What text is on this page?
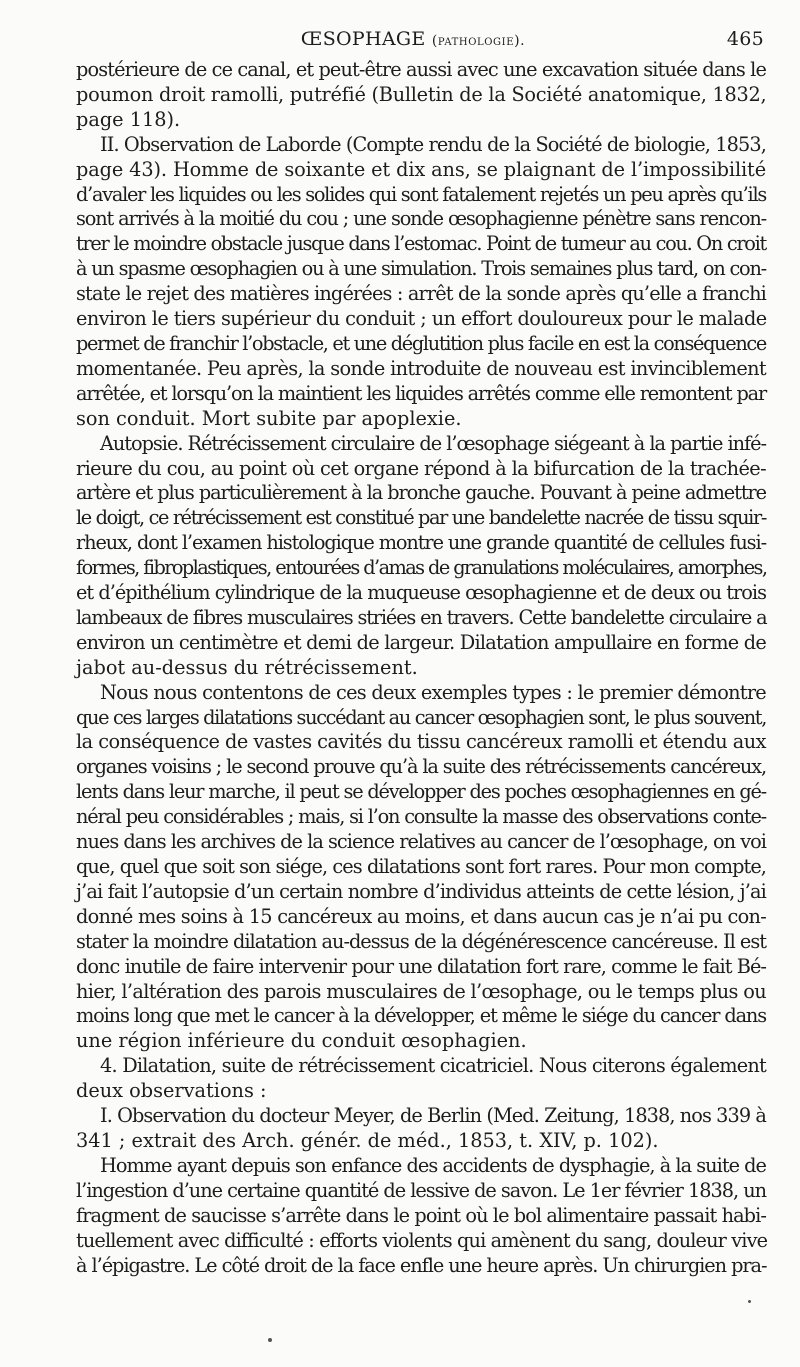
ŒSOPHAGE (pathologie).	465
postérieure de ce canal, et peut-être aussi avec une excavation située dans le
poumon droit ramolli, putréfié (Bulletin de la Société anatomique, 1832,
page 118).
II. Observation de Laborde (Compte rendu de la Société de biologie, 1853,
page 43). Homme de soixante et dix ans, se plaignant de l’impossibilité
d’avaler les liquides ou les solides qui sont fatalement rejetés un peu après qu’ils
sont arrivés à la moitié du cou ; une sonde œsophagienne pénètre sans rencon-
trer le moindre obstacle jusque dans l’estomac. Point de tumeur au cou. On croit
à un spasme œsophagien ou à une simulation. Trois semaines plus tard, on con-
state le rejet des matières ingérées : arrêt de la sonde après qu’elle a franchi
environ le tiers supérieur du conduit ; un effort douloureux pour le malade
permet de franchir l’obstacle, et une déglutition plus facile en est la conséquence
momentanée. Peu après, la sonde introduite de nouveau est invinciblement
arrêtée, et lorsqu’on la maintient les liquides arrêtés comme elle remontent par
son conduit. Mort subite par apoplexie.
Autopsie. Rétrécissement circulaire de l’œsophage siégeant à la partie infé-
rieure du cou, au point où cet organe répond à la bifurcation de la trachée-
artère et plus particulièrement à la bronche gauche. Pouvant à peine admettre
le doigt, ce rétrécissement est constitué par une bandelette nacrée de tissu squir-
rheux, dont l’examen histologique montre une grande quantité de cellules fusi-
formes, fibroplastiques, entourées d’amas de granulations moléculaires, amorphes,
et d’épithélium cylindrique de la muqueuse œsophagienne et de deux ou trois
lambeaux de fibres musculaires striées en travers. Cette bandelette circulaire a
environ un centimètre et demi de largeur. Dilatation ampullaire en forme de
jabot au-dessus du rétrécissement.
Nous nous contentons de ces deux exemples types : le premier démontre
que ces larges dilatations succédant au cancer œsophagien sont, le plus souvent,
la conséquence de vastes cavités du tissu cancéreux ramolli et étendu aux
organes voisins ; le second prouve qu’à la suite des rétrécissements cancéreux,
lents dans leur marche, il peut se développer des poches œsophagiennes en gé-
néral peu considérables ; mais, si l’on consulte la masse des observations conte-
nues dans les archives de la science relatives au cancer de l’œsophage, on voi
que, quel que soit son siége, ces dilatations sont fort rares. Pour mon compte,
j’ai fait l’autopsie d’un certain nombre d’individus atteints de cette lésion, j’ai
donné mes soins à 15 cancéreux au moins, et dans aucun cas je n’ai pu con-
stater la moindre dilatation au-dessus de la dégénérescence cancéreuse. Il est
donc inutile de faire intervenir pour une dilatation fort rare, comme le fait Bé-
hier, l’altération des parois musculaires de l’œsophage, ou le temps plus ou
moins long que met le cancer à la développer, et même le siége du cancer dans
une région inférieure du conduit œsophagien.
4. Dilatation, suite de rétrécissement cicatriciel. Nous citerons également
deux observations :
I. Observation du docteur Meyer, de Berlin (Med. Zeitung, 1838, nos 339 à
341 ; extrait des Arch. génér. de méd., 1853, t. XIV, p. 102).
Homme ayant depuis son enfance des accidents de dysphagie, à la suite de
l’ingestion d’une certaine quantité de lessive de savon. Le 1er février 1838, un
fragment de saucisse s’arrête dans le point où le bol alimentaire passait habi-
tuellement avec difficulté : efforts violents qui amènent du sang, douleur vive
à l’épigastre. Le côté droit de la face enfle une heure après. Un chirurgien pra-
